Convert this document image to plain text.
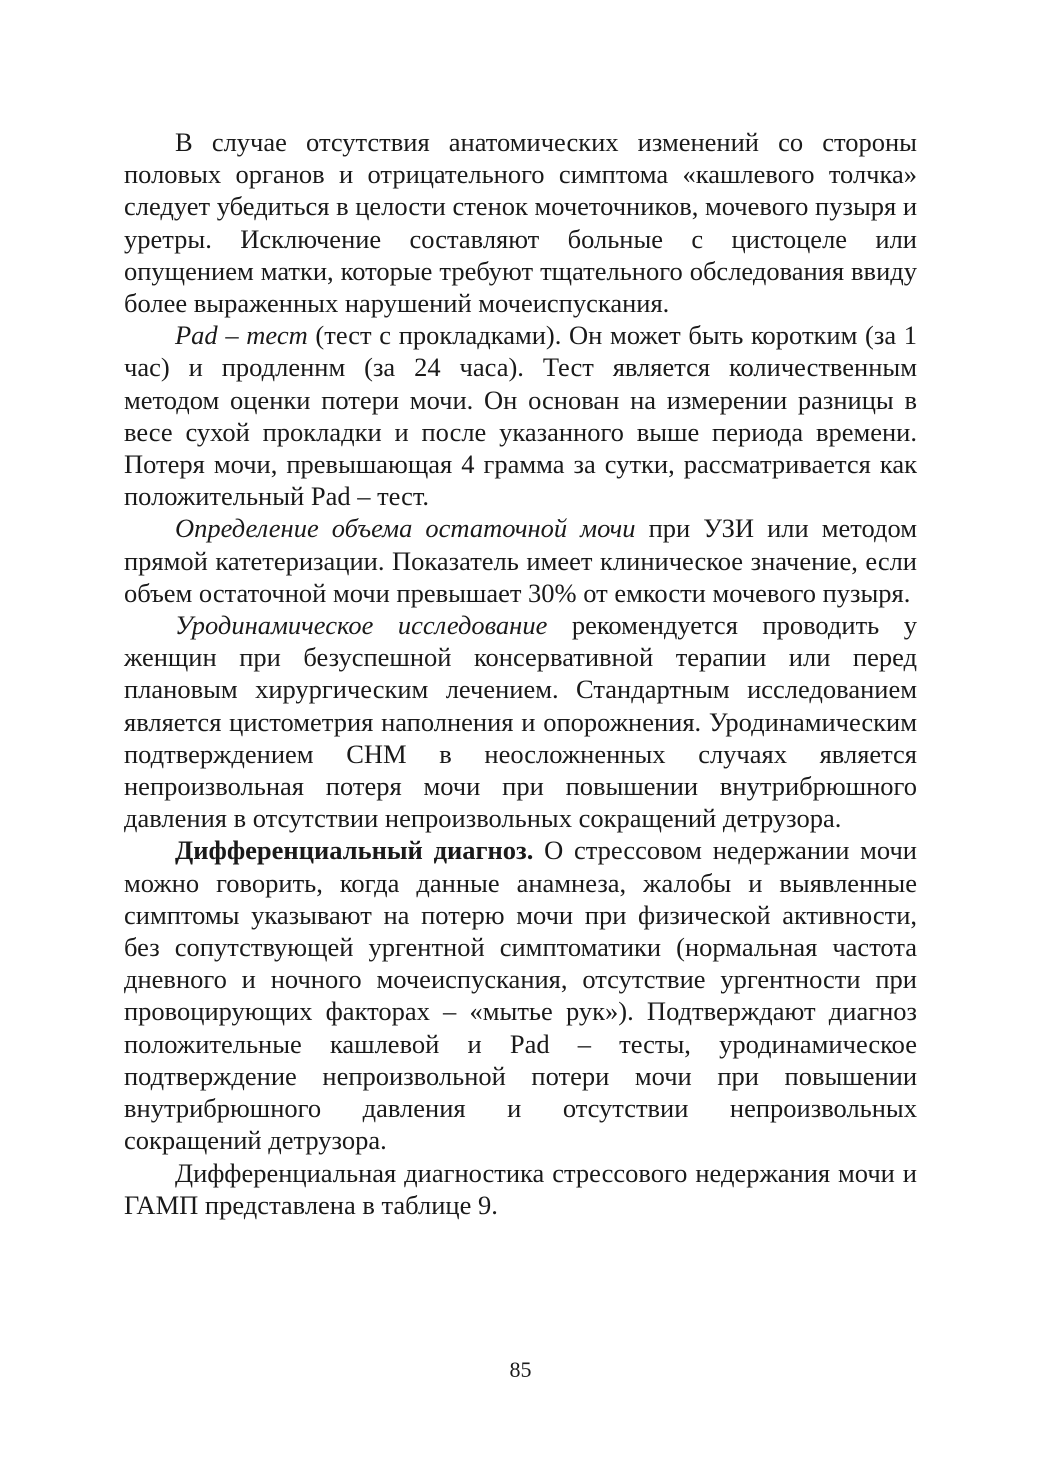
В случае отсутствия анатомических изменений со стороны половых органов и отрицательного симптома «кашлевого толчка» следует убедиться в целости стенок мочеточников, мочевого пузыря и уретры. Исключение составляют больные с цистоцеле или опущением матки, которые требуют тщательного обследования ввиду более выраженных нарушений мочеиспускания.

Pad – тест (тест с прокладками). Он может быть коротким (за 1 час) и продленнм (за 24 часа). Тест является количественным методом оценки потери мочи. Он основан на измерении разницы в весе сухой прокладки и после указанного выше периода времени. Потеря мочи, превышающая 4 грамма за сутки, рассматривается как положительный Pad – тест.

Определение объема остаточной мочи при УЗИ или методом прямой катетеризации. Показатель имеет клиническое значение, если объем остаточной мочи превышает 30% от емкости мочевого пузыря.

Уродинамическое исследование рекомендуется проводить у женщин при безуспешной консервативной терапии или перед плановым хирургическим лечением. Стандартным исследованием является цистометрия наполнения и опорожнения. Уродинамическим подтверждением СНМ в неосложненных случаях является непроизвольная потеря мочи при повышении внутрибрюшного давления в отсутствии непроизвольных сокращений детрузора.

Дифференциальный диагноз. О стрессовом недержании мочи можно говорить, когда данные анамнеза, жалобы и выявленные симптомы указывают на потерю мочи при физической активности, без сопутствующей ургентной симптоматики (нормальная частота дневного и ночного мочеиспускания, отсутствие ургентности при провоцирующих факторах – «мытье рук»). Подтверждают диагноз положительные кашлевой и Pad – тесты, уродинамическое подтверждение непроизвольной потери мочи при повышении внутрибрюшного давления и отсутствии непроизвольных сокращений детрузора.

Дифференциальная диагностика стрессового недержания мочи и ГАМП представлена в таблице 9.

85
